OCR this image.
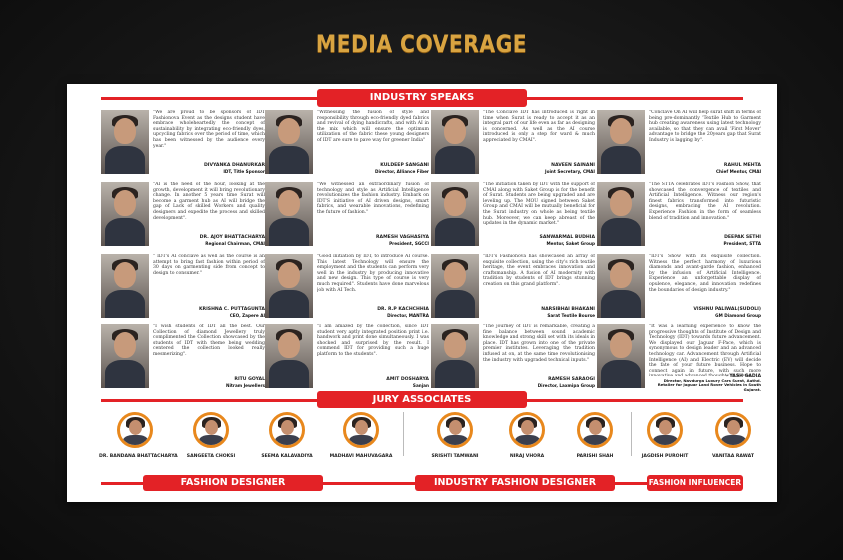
MEDIA COVERAGE
INDUSTRY SPEAKS
"We are proud to be sponsors of IDT Fashionova Event as the designs student have embrace wholeheartedly the concept of sustainability by integrating eco-friendly dyes, upcycling fabrics over the period of time, which has been witnessed by the audience every year."
DIVYANKA DHANURKAR
IDT, Title Sponsor
"Witnessing the fusion of style and responsibility through eco-friendly dyed fabrics and revival of dying handicrafts, and with AI in the mix which will ensure the optimum utilization of the fabric these young designers of IDT are sure to pave way for greener India"
KULDEEP SANGANI
Director, Alliance Fiber
"The Conclave IDT has introduced is right in time when Surat is ready to accept it as an integral part of our life even as far as designing is concerned. As well as the AI course introduced is only a step for ward & much appreciated by CMAI".
NAVEEN SAINANI
Joint Secretary, CMAI
"Conclave On AI will help surat shift in terms of being pre-dominantly 'Textile Hub to Garment hub creating awareness using latest technology available, so that they can avail 'First Mover' advantage to bridge the 20years gap that Surat Industry is lagging by".
RAHUL MEHTA
Chief Mentor, CMAI
"AI is the need of the hour, looking at the growth, development it will bring revolutionary change. In another 5 years time Surat will become a garment hub as AI will bridge the gap of Lack of skilled Workers and quality designers and expedite the process and skilled development".
DR. AJOY BHATTACHARYA
Regional Chairman, CMAI
"We witnessed an extraordinary fusion of technology and style as Artificial Intelligence revolutionizes the fashion industry. Embark on IDT'S initiative of AI driven designs, smart fabrics, and wearable innovations, redefining the future of fashion."
RAMESH VAGHASIYA
President, SGCCI
"The initiation taken by IDT with the support of CMAI along with Saket Group is for the benefit of Surat. Students are being upgraded and are leveling up. The MOU signed between Saket Group and CMAI will be mutually beneficial for the Surat industry on whole as being textile hub. Moreover, we can keep abreast of the updates in the dynamic market."
SANWARMAL BUDHIA
Mentor, Saket Group
"The STTA celebrates IDT's Fashion Show, that showcased the convergence of textiles and Artificial Intelligence. Witness our region's finest fabrics transformed into futuristic designs, embracing the AI revolution. Experience Fashion in the form of seamless blend of tradition and innovation."
DEEPAK SETHI
President, STTA
" IDT's AI conclave as well as the course is an attempt to bring fast fashion within period of 30 days on garmenting side from concept to design to consumer."
KRISHNA C. PUTTAGUNTA
CEO, Zapere AI
"Good initiation by IDT, to introduce AI course. This latest Technology will ensure the employment and the students can perform very well in the industry by producing innovative and new design. This type of course is very much required". Students have done marvelous job with AI Tech.
DR. R.P KACHCHHIA
Director, MANTRA
"IDT's Fashionova has showcased an array of exquisite collection, using the city's rich textile heritage, the event embraces innovation and craftsmanship. A fusion of AI modernity with tradition by students of IDT brings stunning creation on this grand platform".
NARSIBHAI BHAKANI
Sarat Textile Bourse
"IDT's Show with its exquisite collection. Witness the perfect harmony of luxurious diamonds and avant-garde fashion, enhanced by the infusion of Artificial Intelligence. Experience an unforgettable display of opulence, elegance, and innovation redefines the boundaries of design industry."
VISHNU PALIWAL(SUDOLI)
GM Diamond Group
"I wish students of IDT all the best. Our Collection of diamond Jewellery truly complimented the Collection showcased by the students of IDT with theme being wedding centered the collection looked really mesmerizing".
RITU GOYAL
Nitram Jewellers
"I am amazed by the collection, since IDT student very aptly integrated position print i.e. handwork and print done simultaneously. I was shocked and surprised by the result. I commend IDT for providing such a huge platform to the students".
AMIT DOSHARYA
Sanjan
"The journey of IDT is remarkable, creating a fine balance between sound academic knowledge and strong skill set with its ideals in place. IDT has grown into one of the private premier institutes. Leveraging the tradition infused at on, at the same time revolutionising the industry with upgraded technical inputs."
RAMESH SARAOGI
Director, Laxmipa Group
"It was a learning experience to know the progressive thoughts of Institute of Design and Technology (IDT) towards future advancement. We displayed our Jaguar F-Pace, which is synonymous to design leader and an advanced technology car. Advancement through Artificial Intelligence (AI) and Electric (EV) will decide the fate of your future business. Hope to connect again in future, with such more
- YASH GADIA
Director, Navdurga Luxury Cars Surat, Authd. Retailer for Jaguar Land Rover Vehicles in South Gujarat.
JURY ASSOCIATES
DR. BANDANA BHATTACHARYA	SANGEETA CHOKSI	SEEMA KALAVADIYA	MADHAVI MAHUVAGARA	SRISHTI TAMWANI	NIRAJ VHORA	PARISHI SHAH	JAGDISH PUROHIT	VANITAA RAWAT
FASHION DESIGNER	INDUSTRY FASHION DESIGNER	FASHION INFLUENCER
